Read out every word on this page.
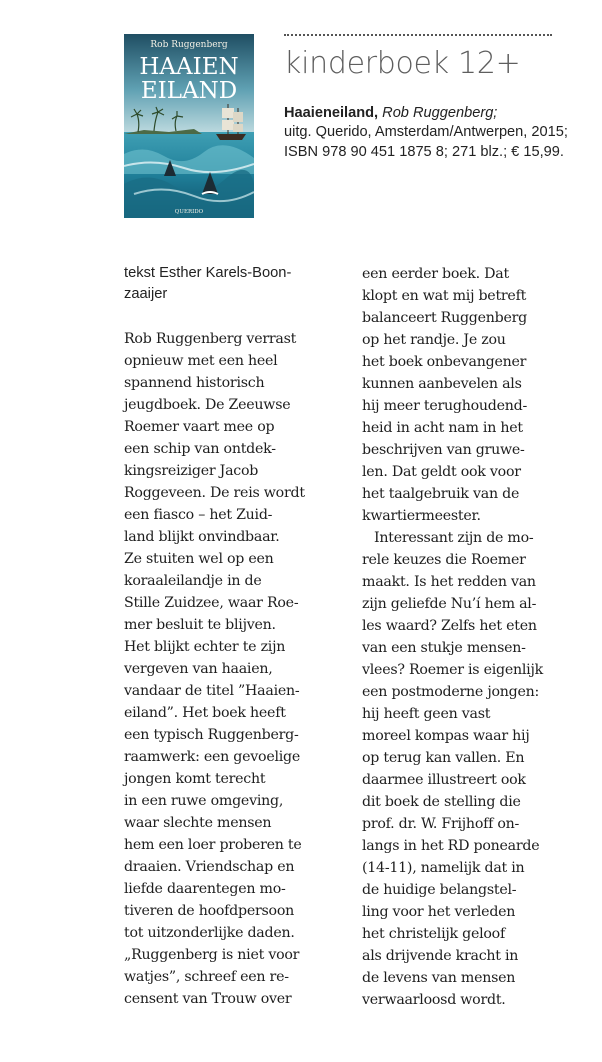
Rob Ruggenberg
HAAIEN
EILAND
QUERIDO
kinderboek 12+
Haaieneiland, Rob Ruggenberg;
uitg. Querido, Amsterdam/Antwerpen, 2015;
ISBN 978 90 451 1875 8; 271 blz.; € 15,99.
tekst Esther Karels-Boon-
zaaijer
Rob Ruggenberg verrast
opnieuw met een heel
spannend historisch
jeugdboek. De Zeeuwse
Roemer vaart mee op
een schip van ontdek-
kingsreiziger Jacob
Roggeveen. De reis wordt
een fiasco – het Zuid-
land blijkt onvindbaar.
Ze stuiten wel op een
koraaleilandje in de
Stille Zuidzee, waar Roe-
mer besluit te blijven.
Het blijkt echter te zijn
vergeven van haaien,
vandaar de titel ”Haaien-
eiland”. Het boek heeft
een typisch Ruggenberg-
raamwerk: een gevoelige
jongen komt terecht
in een ruwe omgeving,
waar slechte mensen
hem een loer proberen te
draaien. Vriendschap en
liefde daarentegen mo-
tiveren de hoofdpersoon
tot uitzonderlijke daden.
„Ruggenberg is niet voor
watjes”, schreef een re-
censent van Trouw over
een eerder boek. Dat
klopt en wat mij betreft
balanceert Ruggenberg
op het randje. Je zou
het boek onbevangener
kunnen aanbevelen als
hij meer terughoudend-
heid in acht nam in het
beschrijven van gruwe-
len. Dat geldt ook voor
het taalgebruik van de
kwartiermeester.
Interessant zijn de mo-
rele keuzes die Roemer
maakt. Is het redden van
zijn geliefde Nu’í hem al-
les waard? Zelfs het eten
van een stukje mensen-
vlees? Roemer is eigenlijk
een postmoderne jongen:
hij heeft geen vast
moreel kompas waar hij
op terug kan vallen. En
daarmee illustreert ook
dit boek de stelling die
prof. dr. W. Frijhoff on-
langs in het RD ponearde
(14-11), namelijk dat in
de huidige belangstel-
ling voor het verleden
het christelijk geloof
als drijvende kracht in
de levens van mensen
verwaarloosd wordt.
